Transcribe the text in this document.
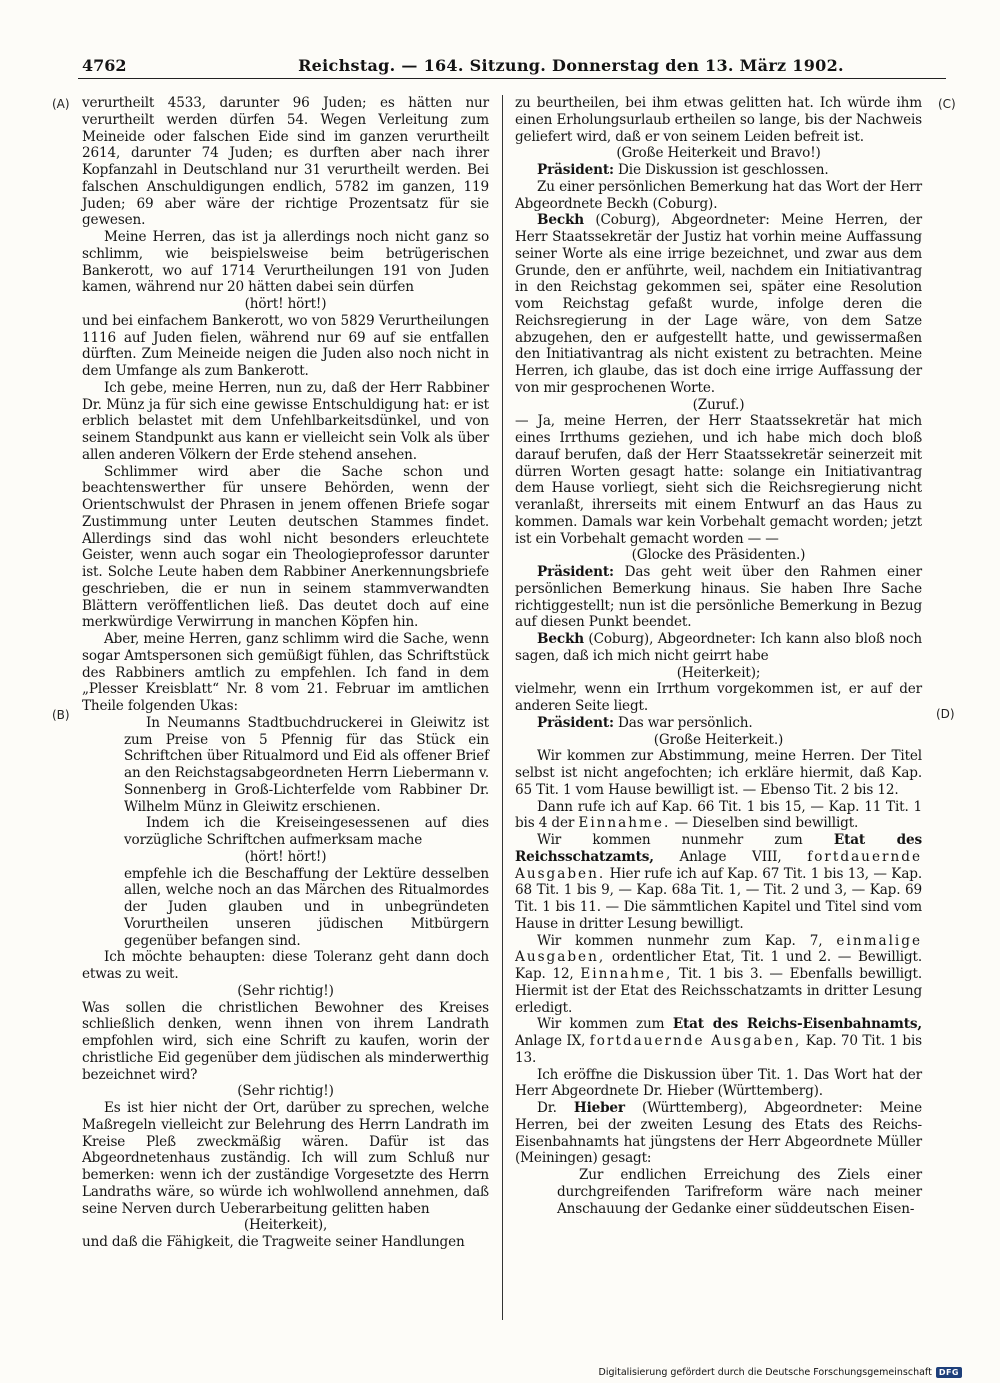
4762	Reichstag. — 164. Sitzung. Donnerstag den 13. März 1902.
(A)
(B)
(C)
(D)

verurtheilt 4533, darunter 96 Juden; es hätten nur verurtheilt werden dürfen 54. Wegen Verleitung zum Meineide oder falschen Eide sind im ganzen verurtheilt 2614, darunter 74 Juden; es durften aber nach ihrer Kopfanzahl in Deutschland nur 31 verurtheilt werden. Bei falschen Anschuldigungen endlich, 5782 im ganzen, 119 Juden; 69 aber wäre der richtige Prozentsatz für sie gewesen.

Meine Herren, das ist ja allerdings noch nicht ganz so schlimm, wie beispielsweise beim betrügerischen Bankerott, wo auf 1714 Verurtheilungen 191 von Juden kamen, während nur 20 hätten dabei sein dürfen

(hört! hört!)

und bei einfachem Bankerott, wo von 5829 Verurtheilungen 1116 auf Juden fielen, während nur 69 auf sie entfallen dürften. Zum Meineide neigen die Juden also noch nicht in dem Umfange als zum Bankerott.

Ich gebe, meine Herren, nun zu, daß der Herr Rabbiner Dr. Münz ja für sich eine gewisse Entschuldigung hat: er ist erblich belastet mit dem Unfehlbarkeitsdünkel, und von seinem Standpunkt aus kann er vielleicht sein Volk als über allen anderen Völkern der Erde stehend ansehen.

Schlimmer wird aber die Sache schon und beachtenswerther für unsere Behörden, wenn der Orientschwulst der Phrasen in jenem offenen Briefe sogar Zustimmung unter Leuten deutschen Stammes findet. Allerdings sind das wohl nicht besonders erleuchtete Geister, wenn auch sogar ein Theologieprofessor darunter ist. Solche Leute haben dem Rabbiner Anerkennungsbriefe geschrieben, die er nun in seinem stammverwandten Blättern veröffentlichen ließ. Das deutet doch auf eine merkwürdige Verwirrung in manchen Köpfen hin.

Aber, meine Herren, ganz schlimm wird die Sache, wenn sogar Amtspersonen sich gemüßigt fühlen, das Schriftstück des Rabbiners amtlich zu empfehlen. Ich fand in dem „Plesser Kreisblatt“ Nr. 8 vom 21. Februar im amtlichen Theile folgenden Ukas:

In Neumanns Stadtbuchdruckerei in Gleiwitz ist zum Preise von 5 Pfennig für das Stück ein Schriftchen über Ritualmord und Eid als offener Brief an den Reichstagsabgeordneten Herrn Liebermann v. Sonnenberg in Groß-Lichterfelde vom Rabbiner Dr. Wilhelm Münz in Gleiwitz erschienen.

Indem ich die Kreiseingesessenen auf dies vorzügliche Schriftchen aufmerksam mache

(hört! hört!)

empfehle ich die Beschaffung der Lektüre desselben allen, welche noch an das Märchen des Ritualmordes der Juden glauben und in unbegründeten Vorurtheilen unseren jüdischen Mitbürgern gegenüber befangen sind.

Ich möchte behaupten: diese Toleranz geht dann doch etwas zu weit.

(Sehr richtig!)

Was sollen die christlichen Bewohner des Kreises schließlich denken, wenn ihnen von ihrem Landrath empfohlen wird, sich eine Schrift zu kaufen, worin der christliche Eid gegenüber dem jüdischen als minderwerthig bezeichnet wird?

(Sehr richtig!)

Es ist hier nicht der Ort, darüber zu sprechen, welche Maßregeln vielleicht zur Belehrung des Herrn Landrath im Kreise Pleß zweckmäßig wären. Dafür ist das Abgeordnetenhaus zuständig. Ich will zum Schluß nur bemerken: wenn ich der zuständige Vorgesetzte des Herrn Landraths wäre, so würde ich wohlwollend annehmen, daß seine Nerven durch Ueberarbeitung gelitten haben

(Heiterkeit),

und daß die Fähigkeit, die Tragweite seiner Handlungen

zu beurtheilen, bei ihm etwas gelitten hat. Ich würde ihm einen Erholungsurlaub ertheilen so lange, bis der Nachweis geliefert wird, daß er von seinem Leiden befreit ist.

(Große Heiterkeit und Bravo!)

Präsident: Die Diskussion ist geschlossen.

Zu einer persönlichen Bemerkung hat das Wort der Herr Abgeordnete Beckh (Coburg).

Beckh (Coburg), Abgeordneter: Meine Herren, der Herr Staatssekretär der Justiz hat vorhin meine Auffassung seiner Worte als eine irrige bezeichnet, und zwar aus dem Grunde, den er anführte, weil, nachdem ein Initiativantrag in den Reichstag gekommen sei, später eine Resolution vom Reichstag gefaßt wurde, infolge deren die Reichsregierung in der Lage wäre, von dem Satze abzugehen, den er aufgestellt hatte, und gewissermaßen den Initiativantrag als nicht existent zu betrachten. Meine Herren, ich glaube, das ist doch eine irrige Auffassung der von mir gesprochenen Worte.

(Zuruf.)

— Ja, meine Herren, der Herr Staatssekretär hat mich eines Irrthums geziehen, und ich habe mich doch bloß darauf berufen, daß der Herr Staatssekretär seinerzeit mit dürren Worten gesagt hatte: solange ein Initiativantrag dem Hause vorliegt, sieht sich die Reichsregierung nicht veranlaßt, ihrerseits mit einem Entwurf an das Haus zu kommen. Damals war kein Vorbehalt gemacht worden; jetzt ist ein Vorbehalt gemacht worden — —

(Glocke des Präsidenten.)

Präsident: Das geht weit über den Rahmen einer persönlichen Bemerkung hinaus. Sie haben Ihre Sache richtiggestellt; nun ist die persönliche Bemerkung in Bezug auf diesen Punkt beendet.

Beckh (Coburg), Abgeordneter: Ich kann also bloß noch sagen, daß ich mich nicht geirrt habe

(Heiterkeit);

vielmehr, wenn ein Irrthum vorgekommen ist, er auf der anderen Seite liegt.

Präsident: Das war persönlich.

(Große Heiterkeit.)

Wir kommen zur Abstimmung, meine Herren. Der Titel selbst ist nicht angefochten; ich erkläre hiermit, daß Kap. 65 Tit. 1 vom Hause bewilligt ist. — Ebenso Tit. 2 bis 12.

Dann rufe ich auf Kap. 66 Tit. 1 bis 15, — Kap. 11 Tit. 1 bis 4 der Einnahme. — Dieselben sind bewilligt.

Wir kommen nunmehr zum Etat des Reichsschatzamts, Anlage VIII, fortdauernde Ausgaben. Hier rufe ich auf Kap. 67 Tit. 1 bis 13, — Kap. 68 Tit. 1 bis 9, — Kap. 68a Tit. 1, — Tit. 2 und 3, — Kap. 69 Tit. 1 bis 11. — Die sämmtlichen Kapitel und Titel sind vom Hause in dritter Lesung bewilligt.

Wir kommen nunmehr zum Kap. 7, einmalige Ausgaben, ordentlicher Etat, Tit. 1 und 2. — Bewilligt. Kap. 12, Einnahme, Tit. 1 bis 3. — Ebenfalls bewilligt. Hiermit ist der Etat des Reichsschatzamts in dritter Lesung erledigt.

Wir kommen zum Etat des Reichs-Eisenbahnamts, Anlage IX, fortdauernde Ausgaben, Kap. 70 Tit. 1 bis 13.

Ich eröffne die Diskussion über Tit. 1. Das Wort hat der Herr Abgeordnete Dr. Hieber (Württemberg).

Dr. Hieber (Württemberg), Abgeordneter: Meine Herren, bei der zweiten Lesung des Etats des Reichs-Eisenbahnamts hat jüngstens der Herr Abgeordnete Müller (Meiningen) gesagt:

Zur endlichen Erreichung des Ziels einer durchgreifenden Tarifreform wäre nach meiner Anschauung der Gedanke einer süddeutschen Eisen-

Digitalisierung gefördert durch die Deutsche Forschungsgemeinschaft DFG
